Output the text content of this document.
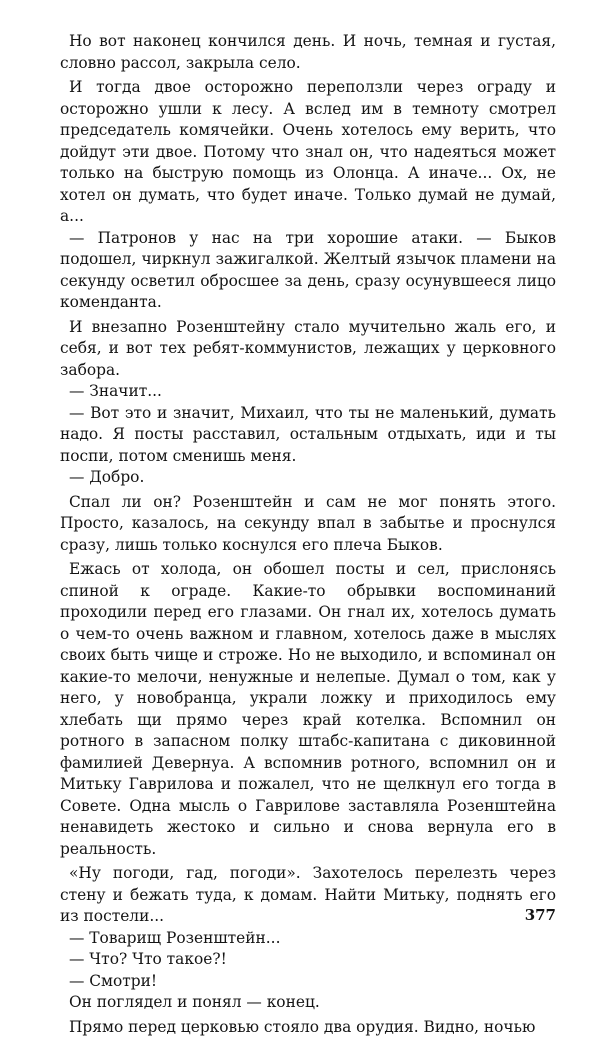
Но вот наконец кончился день. И ночь, темная и густая, словно рассол, закрыла село.

И тогда двое осторожно переползли через ограду и осторожно ушли к лесу. А вслед им в темноту смотрел председатель комячейки. Очень хотелось ему верить, что дойдут эти двое. Потому что знал он, что надеяться может только на быструю помощь из Олонца. А иначе... Ох, не хотел он думать, что будет иначе. Только думай не думай, а...

— Патронов у нас на три хорошие атаки. — Быков подошел, чиркнул зажигалкой. Желтый язычок пламени на секунду осветил обросшее за день, сразу осунувшееся лицо коменданта.

И внезапно Розенштейну стало мучительно жаль его, и себя, и вот тех ребят-коммунистов, лежащих у церковного забора.

— Значит...

— Вот это и значит, Михаил, что ты не маленький, думать надо. Я посты расставил, остальным отдыхать, иди и ты поспи, потом сменишь меня.

— Добро.

Спал ли он? Розенштейн и сам не мог понять этого. Просто, казалось, на секунду впал в забытье и проснулся сразу, лишь только коснулся его плеча Быков.

Ежась от холода, он обошел посты и сел, прислонясь спиной к ограде. Какие-то обрывки воспоминаний проходили перед его глазами. Он гнал их, хотелось думать о чем-то очень важном и главном, хотелось даже в мыслях своих быть чище и строже. Но не выходило, и вспоминал он какие-то мелочи, ненужные и нелепые. Думал о том, как у него, у новобранца, украли ложку и приходилось ему хлебать щи прямо через край котелка. Вспомнил он ротного в запасном полку штабс-капитана с диковинной фамилией Девернуа. А вспомнив ротного, вспомнил он и Митьку Гаврилова и пожалел, что не щелкнул его тогда в Совете. Одна мысль о Гаврилове заставляла Розенштейна ненавидеть жестоко и сильно и снова вернула его в реальность.

«Ну погоди, гад, погоди». Захотелось перелезть через стену и бежать туда, к домам. Найти Митьку, поднять его из постели...

— Товарищ Розенштейн...

— Что? Что такое?!

— Смотри!

Он поглядел и понял — конец.

Прямо перед церковью стояло два орудия. Видно, ночью

377
